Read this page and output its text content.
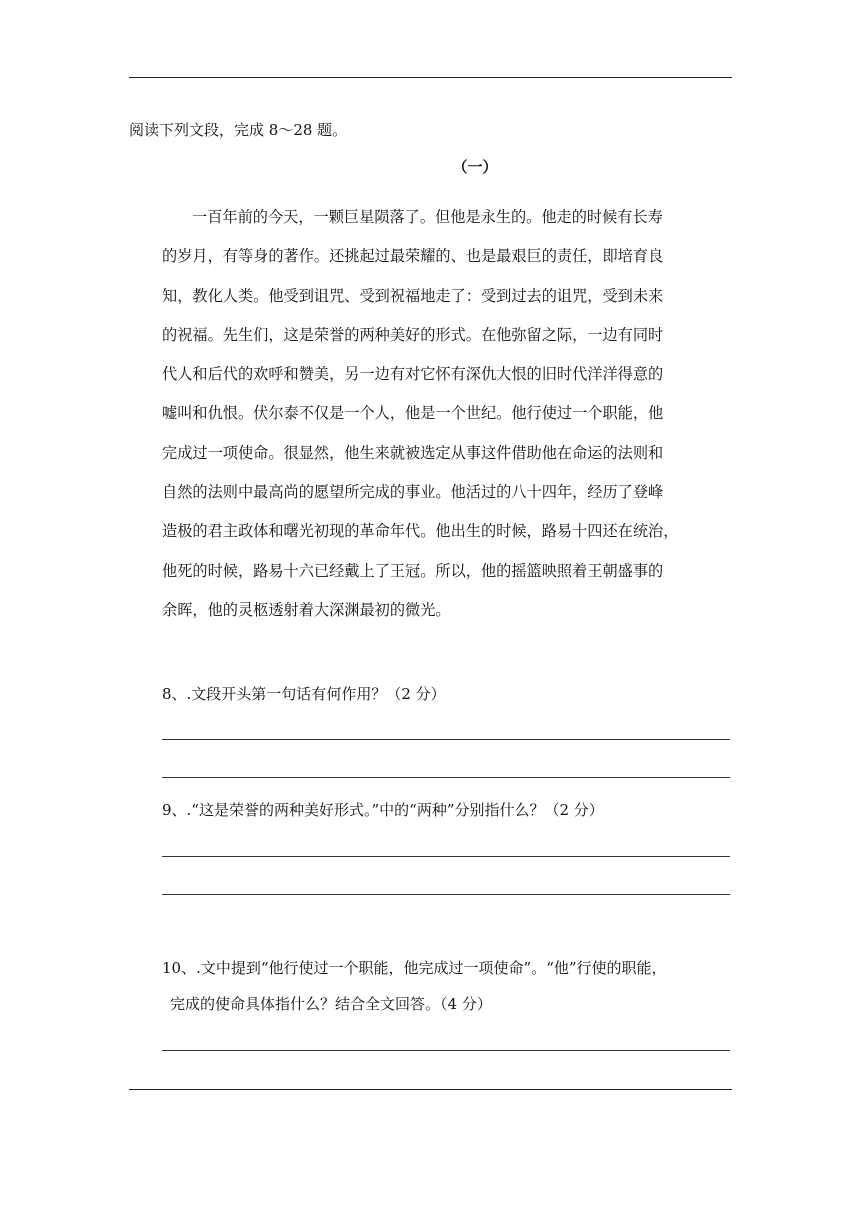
阅读下列文段，完成 8～28 题。
（一）
一百年前的今天，一颗巨星陨落了。但他是永生的。他走的时候有长寿
的岁月，有等身的著作。还挑起过最荣耀的、也是最艰巨的责任，即培育良
知，教化人类。他受到诅咒、受到祝福地走了：受到过去的诅咒，受到未来
的祝福。先生们，这是荣誉的两种美好的形式。在他弥留之际，一边有同时
代人和后代的欢呼和赞美，另一边有对它怀有深仇大恨的旧时代洋洋得意的
嘘叫和仇恨。伏尔泰不仅是一个人，他是一个世纪。他行使过一个职能，他
完成过一项使命。很显然，他生来就被选定从事这件借助他在命运的法则和
自然的法则中最高尚的愿望所完成的事业。他活过的八十四年，经历了登峰
造极的君主政体和曙光初现的革命年代。他出生的时候，路易十四还在统治，
他死的时候，路易十六已经戴上了王冠。所以，他的摇篮映照着王朝盛事的
余晖，他的灵柩透射着大深渊最初的微光。
8、.文段开头第一句话有何作用？（2 分）
9、.“这是荣誉的两种美好形式。”中的“两种”分别指什么？（2 分）
10、.文中提到“他行使过一个职能，他完成过一项使命”。“他”行使的职能，
完成的使命具体指什么？结合全文回答。（4 分）
